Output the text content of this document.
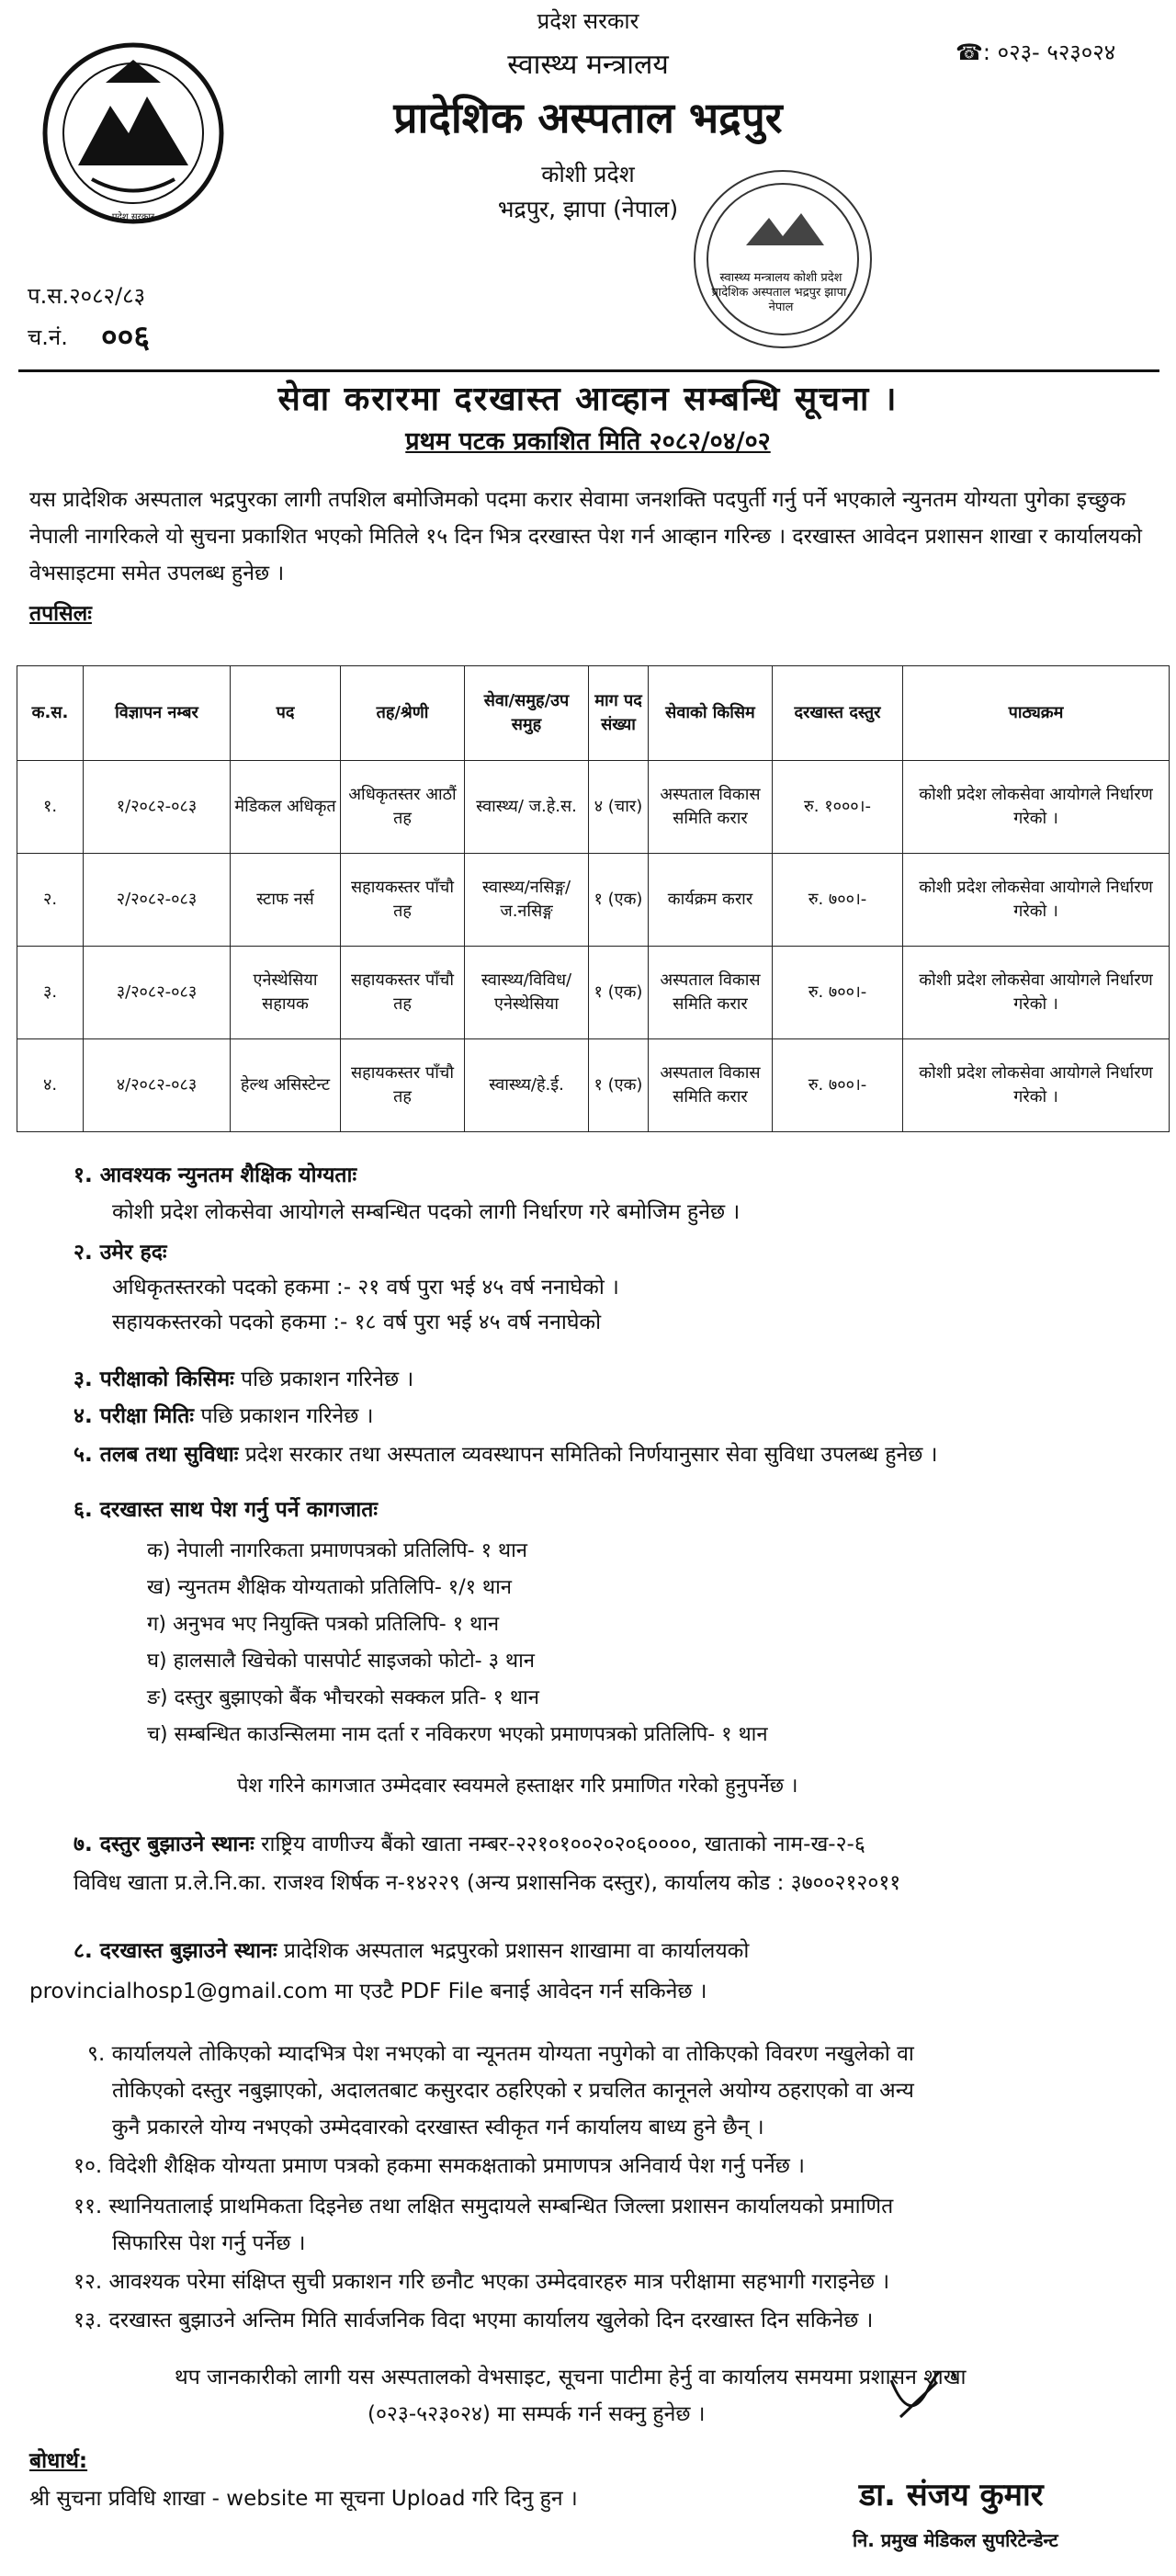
प्रदेश सरकार
स्वास्थ्य मन्त्रालय
प्रादेशिक अस्पताल भद्रपुर
कोशी प्रदेश
भद्रपुर, झापा (नेपाल)
☎: ०२३- ५२३०२४
प्रदेश सरकार
स्वास्थ्य मन्त्रालय कोशी प्रदेश प्रादेशिक अस्पताल भद्रपुर झापा, नेपाल
प.स.२०८२/८३
च.नं. ००६
सेवा करारमा दरखास्त आव्हान सम्बन्धि सूचना ।
प्रथम पटक प्रकाशित मिति २०८२/०४/०२
यस प्रादेशिक अस्पताल भद्रपुरका लागी तपशिल बमोजिमको पदमा करार सेवामा जनशक्ति पदपुर्ती गर्नु पर्ने भएकाले न्युनतम योग्यता पुगेका इच्छुक नेपाली नागरिकले यो सुचना प्रकाशित भएको मितिले १५ दिन भित्र दरखास्त पेश गर्न आव्हान गरिन्छ । दरखास्त आवेदन प्रशासन शाखा र कार्यालयको वेभसाइटमा समेत उपलब्ध हुनेछ ।
तपसिलः
क.स.	विज्ञापन नम्बर	पद	तह/श्रेणी	सेवा/समुह/उप समुह	माग पद संख्या	सेवाको किसिम	दरखास्त दस्तुर	पाठ्यक्रम
१.	१/२०८२-०८३	मेडिकल अधिकृत	अधिकृतस्तर आठौं तह	स्वास्थ्य/ ज.हे.स.	४ (चार)	अस्पताल विकास समिति करार	रु. १०००।-	कोशी प्रदेश लोकसेवा आयोगले निर्धारण गरेको ।
२.	२/२०८२-०८३	स्टाफ नर्स	सहायकस्तर पाँचौ तह	स्वास्थ्य/नसिङ्ग/ ज.नसिङ्ग	१ (एक)	कार्यक्रम करार	रु. ७००।-	कोशी प्रदेश लोकसेवा आयोगले निर्धारण गरेको ।
३.	३/२०८२-०८३	एनेस्थेसिया सहायक	सहायकस्तर पाँचौ तह	स्वास्थ्य/विविध/ एनेस्थेसिया	१ (एक)	अस्पताल विकास समिति करार	रु. ७००।-	कोशी प्रदेश लोकसेवा आयोगले निर्धारण गरेको ।
४.	४/२०८२-०८३	हेल्थ असिस्टेन्ट	सहायकस्तर पाँचौ तह	स्वास्थ्य/हे.ई.	१ (एक)	अस्पताल विकास समिति करार	रु. ७००।-	कोशी प्रदेश लोकसेवा आयोगले निर्धारण गरेको ।
१. आवश्यक न्युनतम शैक्षिक योग्यताः
कोशी प्रदेश लोकसेवा आयोगले सम्बन्धित पदको लागी निर्धारण गरे बमोजिम हुनेछ ।
२. उमेर हदः
अधिकृतस्तरको पदको हकमा :- २१ वर्ष पुरा भई ४५ वर्ष ननाघेको ।
सहायकस्तरको पदको हकमा :- १८ वर्ष पुरा भई ४५ वर्ष ननाघेको
३. परीक्षाको किसिमः पछि प्रकाशन गरिनेछ ।
४. परीक्षा मितिः पछि प्रकाशन गरिनेछ ।
५. तलब तथा सुविधाः प्रदेश सरकार तथा अस्पताल व्यवस्थापन समितिको निर्णयानुसार सेवा सुविधा उपलब्ध हुनेछ ।
६. दरखास्त साथ पेश गर्नु पर्ने कागजातः
क) नेपाली नागरिकता प्रमाणपत्रको प्रतिलिपि- १ थान
ख) न्युनतम शैक्षिक योग्यताको प्रतिलिपि- १/१ थान
ग) अनुभव भए नियुक्ति पत्रको प्रतिलिपि- १ थान
घ) हालसालै खिचेको पासपोर्ट साइजको फोटो- ३ थान
ङ) दस्तुर बुझाएको बैंक भौचरको सक्कल प्रति- १ थान
च) सम्बन्धित काउन्सिलमा नाम दर्ता र नविकरण भएको प्रमाणपत्रको प्रतिलिपि- १ थान
पेश गरिने कागजात उम्मेदवार स्वयमले हस्ताक्षर गरि प्रमाणित गरेको हुनुपर्नेछ ।
७. दस्तुर बुझाउने स्थानः राष्ट्रिय वाणीज्य बैंको खाता नम्बर-२२१०१००२०२०६००००, खाताको नाम-ख-२-६
विविध खाता प्र.ले.नि.का. राजश्व शिर्षक न-१४२२९ (अन्य प्रशासनिक दस्तुर), कार्यालय कोड : ३७००२१२०११
८. दरखास्त बुझाउने स्थानः प्रादेशिक अस्पताल भद्रपुरको प्रशासन शाखामा वा कार्यालयको
provincialhosp1@gmail.com मा एउटै PDF File बनाई आवेदन गर्न सकिनेछ ।
९. कार्यालयले तोकिएको म्यादभित्र पेश नभएको वा न्यूनतम योग्यता नपुगेको वा तोकिएको विवरण नखुलेको वा
तोकिएको दस्तुर नबुझाएको, अदालतबाट कसुरदार ठहरिएको र प्रचलित कानूनले अयोग्य ठहराएको वा अन्य
कुनै प्रकारले योग्य नभएको उम्मेदवारको दरखास्त स्वीकृत गर्न कार्यालय बाध्य हुने छैन् ।
१०. विदेशी शैक्षिक योग्यता प्रमाण पत्रको हकमा समकक्षताको प्रमाणपत्र अनिवार्य पेश गर्नु पर्नेछ ।
११. स्थानियतालाई प्राथमिकता दिइनेछ तथा लक्षित समुदायले सम्बन्धित जिल्ला प्रशासन कार्यालयको प्रमाणित
सिफारिस पेश गर्नु पर्नेछ ।
१२. आवश्यक परेमा संक्षिप्त सुची प्रकाशन गरि छनौट भएका उम्मेदवारहरु मात्र परीक्षामा सहभागी गराइनेछ ।
१३. दरखास्त बुझाउने अन्तिम मिति सार्वजनिक विदा भएमा कार्यालय खुलेको दिन दरखास्त दिन सकिनेछ ।
थप जानकारीको लागी यस अस्पतालको वेभसाइट, सूचना पाटीमा हेर्नु वा कार्यालय समयमा प्रशासन शाखा
(०२३-५२३०२४) मा सम्पर्क गर्न सक्नु हुनेछ ।
बोधार्थ:
श्री सुचना प्रविधि शाखा - website मा सूचना Upload गरि दिनु हुन ।	डा. संजय कुमार
नि. प्रमुख मेडिकल सुपरिटेन्डेन्ट
